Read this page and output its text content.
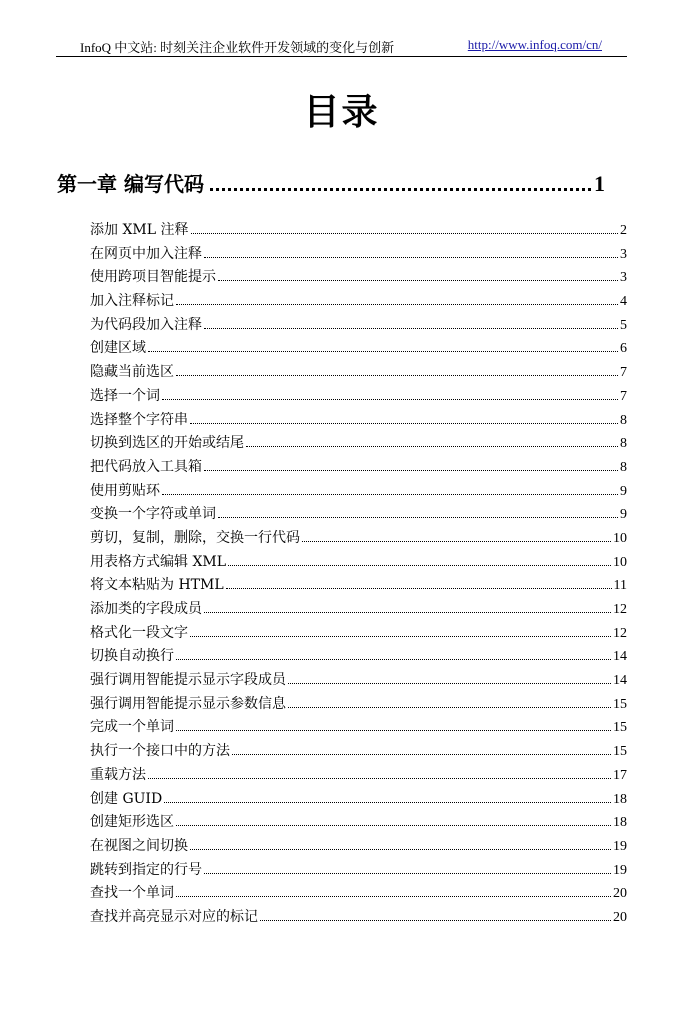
InfoQ 中文站: 时刻关注企业软件开发领域的变化与创新	http://www.infoq.com/cn/
目录
第一章 编写代码	1
添加 XML 注释	2
在网页中加入注释	3
使用跨项目智能提示	3
加入注释标记	4
为代码段加入注释	5
创建区域	6
隐藏当前选区	7
选择一个词	7
选择整个字符串	8
切换到选区的开始或结尾	8
把代码放入工具箱	8
使用剪贴环	9
变换一个字符或单词	9
剪切，复制，删除，交换一行代码	10
用表格方式编辑 XML	10
将文本粘贴为 HTML	11
添加类的字段成员	12
格式化一段文字	12
切换自动换行	14
强行调用智能提示显示字段成员	14
强行调用智能提示显示参数信息	15
完成一个单词	15
执行一个接口中的方法	15
重载方法	17
创建 GUID	18
创建矩形选区	18
在视图之间切换	19
跳转到指定的行号	19
查找一个单词	20
查找并高亮显示对应的标记	20
